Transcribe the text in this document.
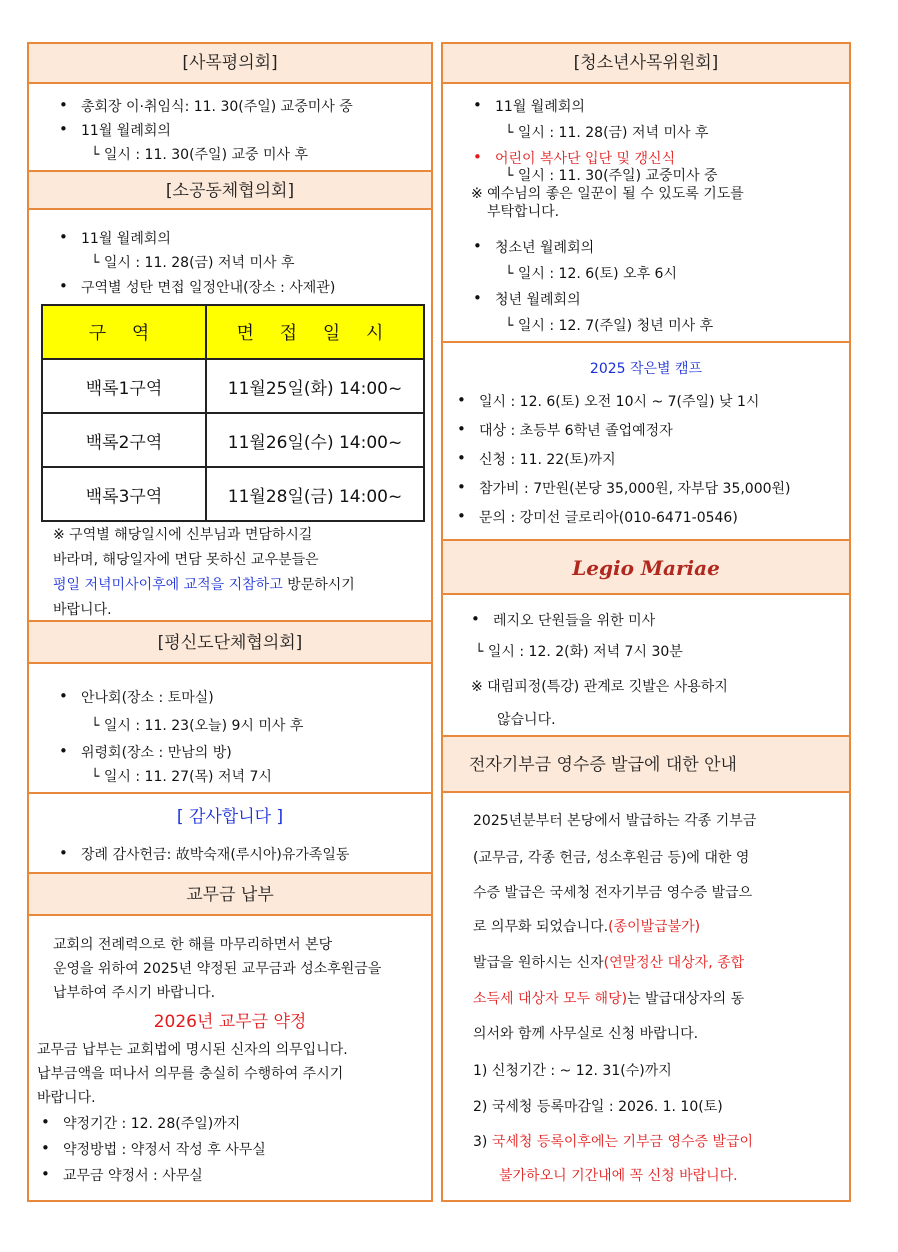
[사목평의회]
• 총회장 이·취임식: 11. 30(주일) 교중미사 중
• 11월 월례회의
└ 일시 : 11. 30(주일) 교중 미사 후
[소공동체협의회]
• 11월 월례회의
└ 일시 : 11. 28(금) 저녁 미사 후
• 구역별 성탄 면접 일정안내(장소 : 사제관)
구 역	면 접 일 시
백록1구역	11월25일(화) 14:00~
백록2구역	11월26일(수) 14:00~
백록3구역	11월28일(금) 14:00~
※ 구역별 해당일시에 신부님과 면담하시길
바라며, 해당일자에 면담 못하신 교우분들은
평일 저녁미사이후에 교적을 지참하고 방문하시기
바랍니다.
[평신도단체협의회]
• 안나회(장소 : 토마실)
└ 일시 : 11. 23(오늘) 9시 미사 후
• 위령회(장소 : 만남의 방)
└ 일시 : 11. 27(목) 저녁 7시
[ 감사합니다 ]
• 장례 감사헌금: 故박숙재(루시아)유가족일동
교무금 납부
교회의 전례력으로 한 해를 마무리하면서 본당
운영을 위하여 2025년 약정된 교무금과 성소후원금을
납부하여 주시기 바랍니다.
2026년 교무금 약정
교무금 납부는 교회법에 명시된 신자의 의무입니다.
납부금액을 떠나서 의무를 충실히 수행하여 주시기
바랍니다.
• 약정기간 : 12. 28(주일)까지
• 약정방법 : 약정서 작성 후 사무실
• 교무금 약정서 : 사무실
[청소년사목위원회]
• 11월 월례회의
└ 일시 : 11. 28(금) 저녁 미사 후
• 어린이 복사단 입단 및 갱신식
└ 일시 : 11. 30(주일) 교중미사 중
※ 예수님의 좋은 일꾼이 될 수 있도록 기도를
부탁합니다.
• 청소년 월례회의
└ 일시 : 12. 6(토) 오후 6시
• 청년 월례회의
└ 일시 : 12. 7(주일) 청년 미사 후
2025 작은별 캠프
• 일시 : 12. 6(토) 오전 10시 ~ 7(주일) 낮 1시
• 대상 : 초등부 6학년 졸업예정자
• 신청 : 11. 22(토)까지
• 참가비 : 7만원(본당 35,000원, 자부담 35,000원)
• 문의 : 강미선 글로리아(010-6471-0546)
Legio Mariae
• 레지오 단원들을 위한 미사
└ 일시 : 12. 2(화) 저녁 7시 30분
※ 대림피정(특강) 관계로 깃발은 사용하지
않습니다.
전자기부금 영수증 발급에 대한 안내
2025년분부터 본당에서 발급하는 각종 기부금
(교무금, 각종 헌금, 성소후원금 등)에 대한 영
수증 발급은 국세청 전자기부금 영수증 발급으
로 의무화 되었습니다.(종이발급불가)
발급을 원하시는 신자(연말정산 대상자, 종합
소득세 대상자 모두 해당)는 발급대상자의 동
의서와 함께 사무실로 신청 바랍니다.
1) 신청기간 : ~ 12. 31(수)까지
2) 국세청 등록마감일 : 2026. 1. 10(토)
3) 국세청 등록이후에는 기부금 영수증 발급이
불가하오니 기간내에 꼭 신청 바랍니다.
